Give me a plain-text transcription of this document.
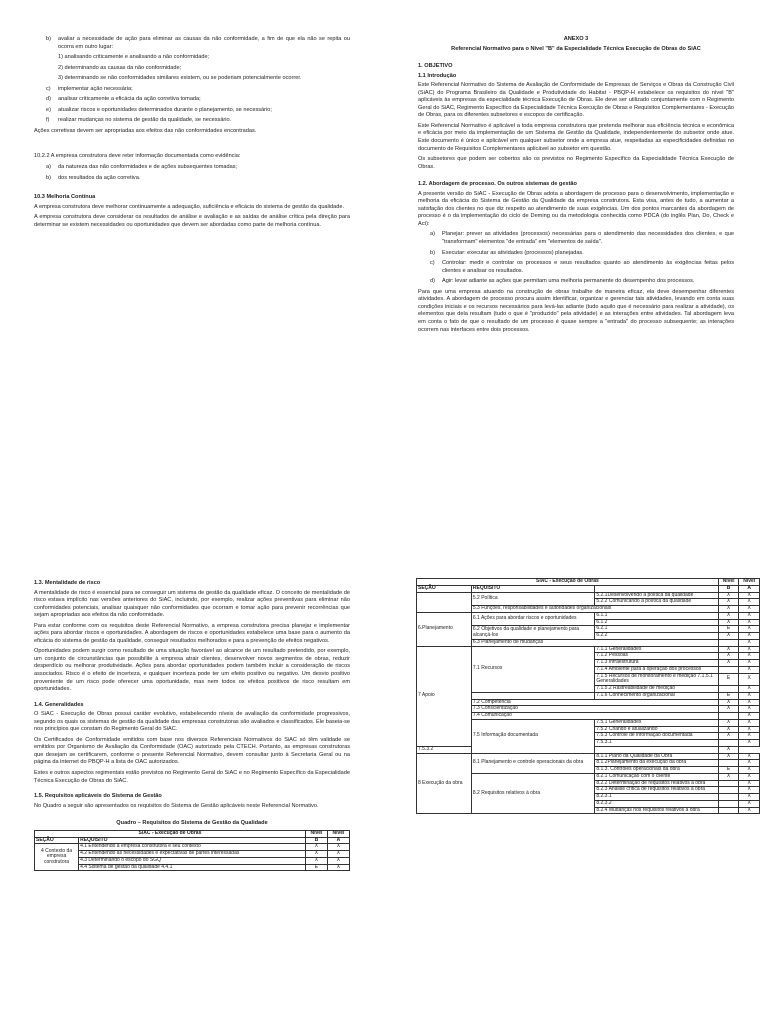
b)	avaliar a necessidade de ação para eliminar as causas da não conformidade, a fim de que ela não se repita ou ocorra em outro lugar:

1) analisando criticamente e analisando a não conformidade;

2) determinando as causas da não conformidade;

3) determinando se não conformidades similares existem, ou se poderiam potencialmente ocorrer.

c)	implementar ação necessária;
d)	analisar criticamente a eficácia da ação corretiva tomada;
e)	atualizar riscos e oportunidades determinados durante o planejamento, se necessário;
f)	realizar mudanças no sistema de gestão da qualidade, se necessário.

Ações corretivas devem ser apropriadas aos efeitos das não conformidades encontradas.

10.2.2 A empresa construtora deve reter informação documentada como evidência:

a)	da natureza das não conformidades e de ações subsequentes tomadas;
b)	dos resultados da ação corretiva.

10.3 Melhoria Contínua

A empresa construtora deve melhorar continuamente a adequação, suficiência e eficácia do sistema de gestão da qualidade.

A empresa construtora deve considerar os resultados de análise e avaliação e as saídas de análise crítica pela direção para determinar se existem necessidades ou oportunidades que devem ser abordadas como parte de melhoria contínua.

ANEXO 3

Referencial Normativo para o Nível "B" da Especialidade Técnica Execução de Obras do SiAC

1. OBJETIVO

1.1 Introdução

Este Referencial Normativo do Sistema de Avaliação de Conformidade de Empresas de Serviços e Obras da Construção Civil (SiAC) do Programa Brasileiro da Qualidade e Produtividade do Habitat - PBQP-H estabelece os requisitos do nível "B" aplicáveis às empresas da especialidade técnica Execução de Obras. Ele deve ser utilizado conjuntamente com o Regimento Geral do SiAC, Regimento Específico da Especialidade Técnica Execução de Obras e Requisitos Complementares - Execução de Obras, para os diferentes subsetores e escopos de certificação.

Este Referencial Normativo é aplicável a toda empresa construtora que pretenda melhorar sua eficiência técnica e econômica e eficácia por meio da implementação de um Sistema de Gestão da Qualidade, independentemente do subsetor onde atue. Este documento é único e aplicável em qualquer subsetor onde a empresa atue, respeitadas as especificidades definidas no documento de Requisitos Complementares aplicável ao subsetor em questão.

Os subsetores que podem ser cobertos são os previstos no Regimento Específico da Especialidade Técnica Execução de Obras.

1.2. Abordagem de processo. Os outros sistemas de gestão

A presente versão do SiAC - Execução de Obras adota a abordagem de processo para o desenvolvimento, implementação e melhoria da eficácia do Sistema de Gestão da Qualidade da empresa construtora. Esta visa, antes de tudo, a aumentar a satisfação dos clientes no que diz respeito ao atendimento de suas exigências. Um dos pontos marcantes da abordagem de processo é o da implementação do ciclo de Deming ou da metodologia conhecida como PDCA (do inglês Plan, Do, Check e Act):

a)	Planejar: prever as atividades (processos) necessárias para o atendimento das necessidades dos clientes, e que "transformam" elementos "de entrada" em "elementos de saída".
b)	Executar: executar as atividades (processos) planejadas.
c)	Controlar: medir e controlar os processos e seus resultados quanto ao atendimento às exigências feitas pelos clientes e analisar os resultados.
d)	Agir: levar adiante as ações que permitam uma melhoria permanente do desempenho dos processos.

Para que uma empresa atuando na construção de obras trabalhe de maneira eficaz, ela deve desempenhar diferentes atividades. A abordagem de processo procura assim identificar, organizar e gerenciar tais atividades, levando em conta suas condições iniciais e os recursos necessários para levá-las adiante (tudo aquilo que é necessário para realizar a atividade), os elementos que dela resultam (tudo o que é "produzido" pela atividade) e as interações entre atividades. Tal abordagem leva em conta o fato de que o resultado de um processo é quase sempre a "entrada" do processo subsequente; as interações ocorrem nas interfaces entre dois processos.

1.3. Mentalidade de risco

A mentalidade de risco é essencial para se conseguir um sistema de gestão da qualidade eficaz. O conceito de mentalidade de risco estava implícito nas versões anteriores do SiAC, incluindo, por exemplo, realizar ações preventivas para eliminar não conformidades potenciais, analisar quaisquer não conformidades que ocorram e tomar ação para prevenir recorrências que sejam apropriadas aos efeitos da não conformidade.

Para estar conforme com os requisitos deste Referencial Normativo, a empresa construtora precisa planejar e implementar ações para abordar riscos e oportunidades. A abordagem de riscos e oportunidades estabelece uma base para o aumento da eficácia do sistema de gestão da qualidade, conseguir resultados melhorados e para a prevenção de efeitos negativos.

Oportunidades podem surgir como resultado de uma situação favorável ao alcance de um resultado pretendido, por exemplo, um conjunto de circunstâncias que possibilite à empresa atrair clientes, desenvolver novos segmentos de obras, reduzir desperdício ou melhorar produtividade. Ações para abordar oportunidades podem também incluir a consideração de riscos associados. Risco é o efeito de incerteza, e qualquer incerteza pode ter um efeito positivo ou negativo. Um desvio positivo proveniente de um risco pode oferecer uma oportunidade, mas nem todos os efeitos positivos de risco resultam em oportunidades.

1.4. Generalidades

O SiAC - Execução de Obras possui caráter evolutivo, estabelecendo níveis de avaliação da conformidade progressivos, segundo os quais os sistemas de gestão da qualidade das empresas construtoras são avaliados e classificados. Ele baseia-se nos princípios que constam do Regimento Geral do SiAC.

Os Certificados de Conformidade emitidos com base nos diversos Referenciais Normativos do SiAC só têm validade se emitidos por Organismo de Avaliação da Conformidade (OAC) autorizado pela CTECH. Portanto, as empresas construtoras que desejam se certificarem, conforme o presente Referencial Normativo, devem consultar junto à Secretaria Geral ou na página da internet do PBQP-H a lista de OAC autorizados.

Estes e outros aspectos regimentais estão previstos no Regimento Geral do SiAC e no Regimento Específico da Especialidade Técnica Execução de Obras do SiAC.

1.5. Requisitos aplicáveis do Sistema de Gestão

No Quadro a seguir são apresentados os requisitos do Sistema de Gestão aplicáveis neste Referencial Normativo.

Quadro – Requisitos do Sistema de Gestão da Qualidade

SiAC - Execução de Obras		Nível	Nível
SEÇÃO	REQUISITO	B	A
4 Contexto da empresa construtora	4.1 Entendendo a empresa construtora e seu contexto	X	X
	4.2 Entendendo as necessidades e expectativas de partes interessadas	X	X
	4.3 Determinando o escopo do SGQ	X	X
	4.4 Sistema de gestão da qualidade 4.4.1	E	X
SiAC - Execução de Obras			Nível	Nível
SEÇÃO	REQUISITO		B	A
	5.2 Política	5.2.1Desenvolvendo a política da qualidade	X	X
		5.2.2 Comunicando a política da qualidade	X	X
	5.3 Funções, responsabilidades e autoridades organizacionais		X	X
6.Planejamento	6.1 Ações para abordar riscos e oportunidades	6.1.1	X	X
		6.1.2	X	X
	6.2 Objetivos da qualidade e planejamento para alcançá-los	6.2.1	E	X
		6.2.2	X	X
	6.3 Planejamento de mudanças			X
7 Apoio	7.1 Recursos	7.1.1 Generalidades	X	X
		7.1.2 Pessoas	X	X
		7.1.3 Infraestrutura	X	X
		7.1.4 Ambiente para a operação dos processos		X
		7.1.5 Recursos de monitoramento e medição 7.1.5.1 Generalidades	E	X
		7.1.5.2 Rastreabilidade de medição		X
		7.1.6 Conhecimento organizacional	E	X
	7.2 Competência		X	X
	7.3 Conscientização		X	X
	7.4 Comunicação			X
	7.5 Informação documentada	7.5.1 Generalidades	X	X
		7.5.2 Criando e atualizando	X	X
		7.5.3 Controle de informação documentada	X	X
		7.5.3.1		X
7.5.3.2			X	
8 Execução da obra	8.1 Planejamento e controle operacionais da obra	8.1.1 Plano da Qualidade da Obra	X	X
		8.1.2Planejamento da execução da obra		X
		8.1.3. Controles operacionais da obra	E	X
	8.2 Requisitos relativos à obra	8.2.1 Comunicação com o cliente	X	X
		8.2.2 Determinação de requisitos relativos à obra		X
		8.2.3 Análise crítica de requisitos relativos à obra		X
		8.2.3.1		X
		8.2.3.2		X
		8.2.4 Mudanças nos requisitos relativos à obra		X
